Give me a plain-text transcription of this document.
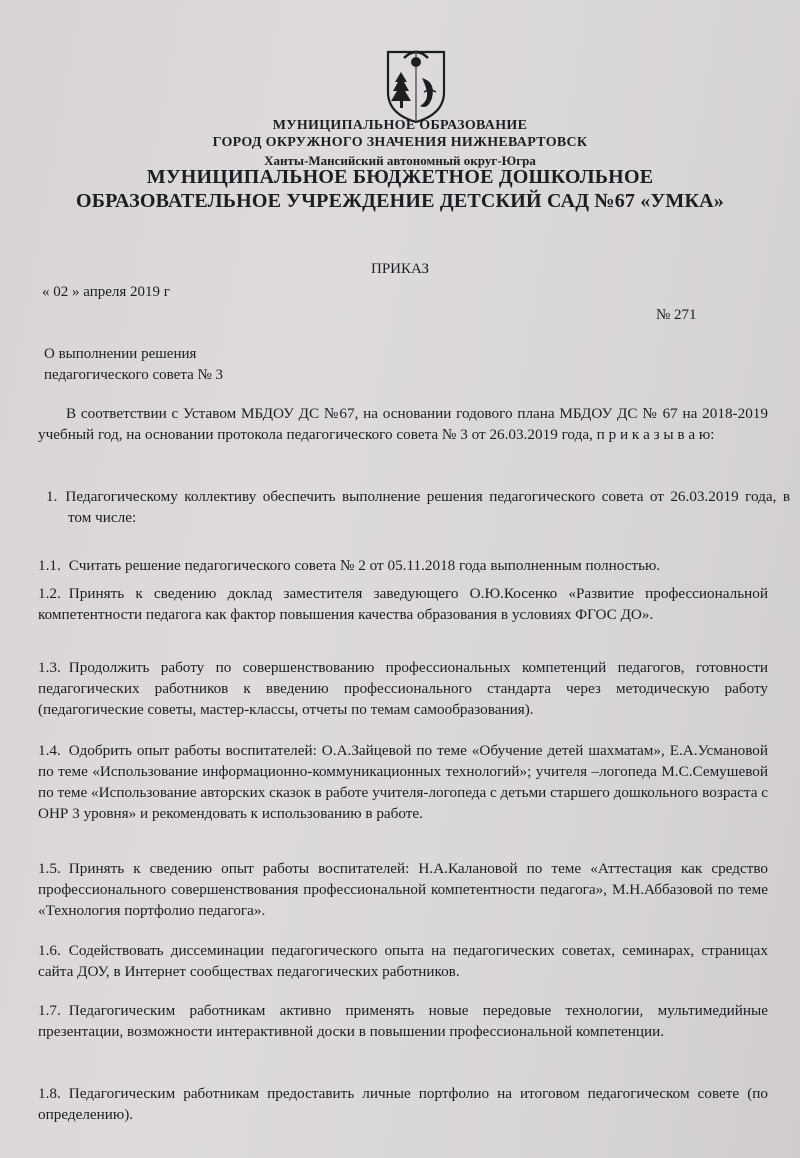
МУНИЦИПАЛЬНОЕ ОБРАЗОВАНИЕ
ГОРОД ОКРУЖНОГО ЗНАЧЕНИЯ НИЖНЕВАРТОВСК
Ханты-Мансийский автономный округ-Югра
МУНИЦИПАЛЬНОЕ БЮДЖЕТНОЕ ДОШКОЛЬНОЕ
ОБРАЗОВАТЕЛЬНОЕ УЧРЕЖДЕНИЕ ДЕТСКИЙ САД №67 «УМКА»
ПРИКАЗ
« 02 » апреля 2019 г
№ 271
О выполнении решения
педагогического совета № 3
В соответствии с Уставом МБДОУ ДС №67, на основании годового плана МБДОУ ДС № 67 на 2018-2019 учебный год, на основании протокола педагогического совета № 3 от 26.03.2019 года, п р и к а з ы в а ю:
1. Педагогическому коллективу обеспечить выполнение решения педагогического совета от 26.03.2019 года, в том числе:
1.1. Считать решение педагогического совета № 2 от 05.11.2018 года выполненным полностью.
1.2. Принять к сведению доклад заместителя заведующего О.Ю.Косенко «Развитие профессиональной компетентности педагога как фактор повышения качества образования в условиях ФГОС ДО».
1.3. Продолжить работу по совершенствованию профессиональных компетенций педагогов, готовности педагогических работников к введению профессионального стандарта через методическую работу (педагогические советы, мастер-классы, отчеты по темам самообразования).
1.4. Одобрить опыт работы воспитателей: О.А.Зайцевой по теме «Обучение детей шахматам», Е.А.Усмановой по теме «Использование информационно-коммуникационных технологий»; учителя –логопеда М.С.Семушевой по теме «Использование авторских сказок в работе учителя-логопеда с детьми старшего дошкольного возраста с ОНР 3 уровня» и рекомендовать к использованию в работе.
1.5. Принять к сведению опыт работы воспитателей: Н.А.Калановой по теме «Аттестация как средство профессионального совершенствования профессиональной компетентности педагога», М.Н.Аббазовой по теме «Технология портфолио педагога».
1.6. Содействовать диссеминации педагогического опыта на педагогических советах, семинарах, страницах сайта ДОУ, в Интернет сообществах педагогических работников.
1.7. Педагогическим работникам активно применять новые передовые технологии, мультимедийные презентации, возможности интерактивной доски в повышении профессиональной компетенции.
1.8. Педагогическим работникам предоставить личные портфолио на итоговом педагогическом совете (по определению).
